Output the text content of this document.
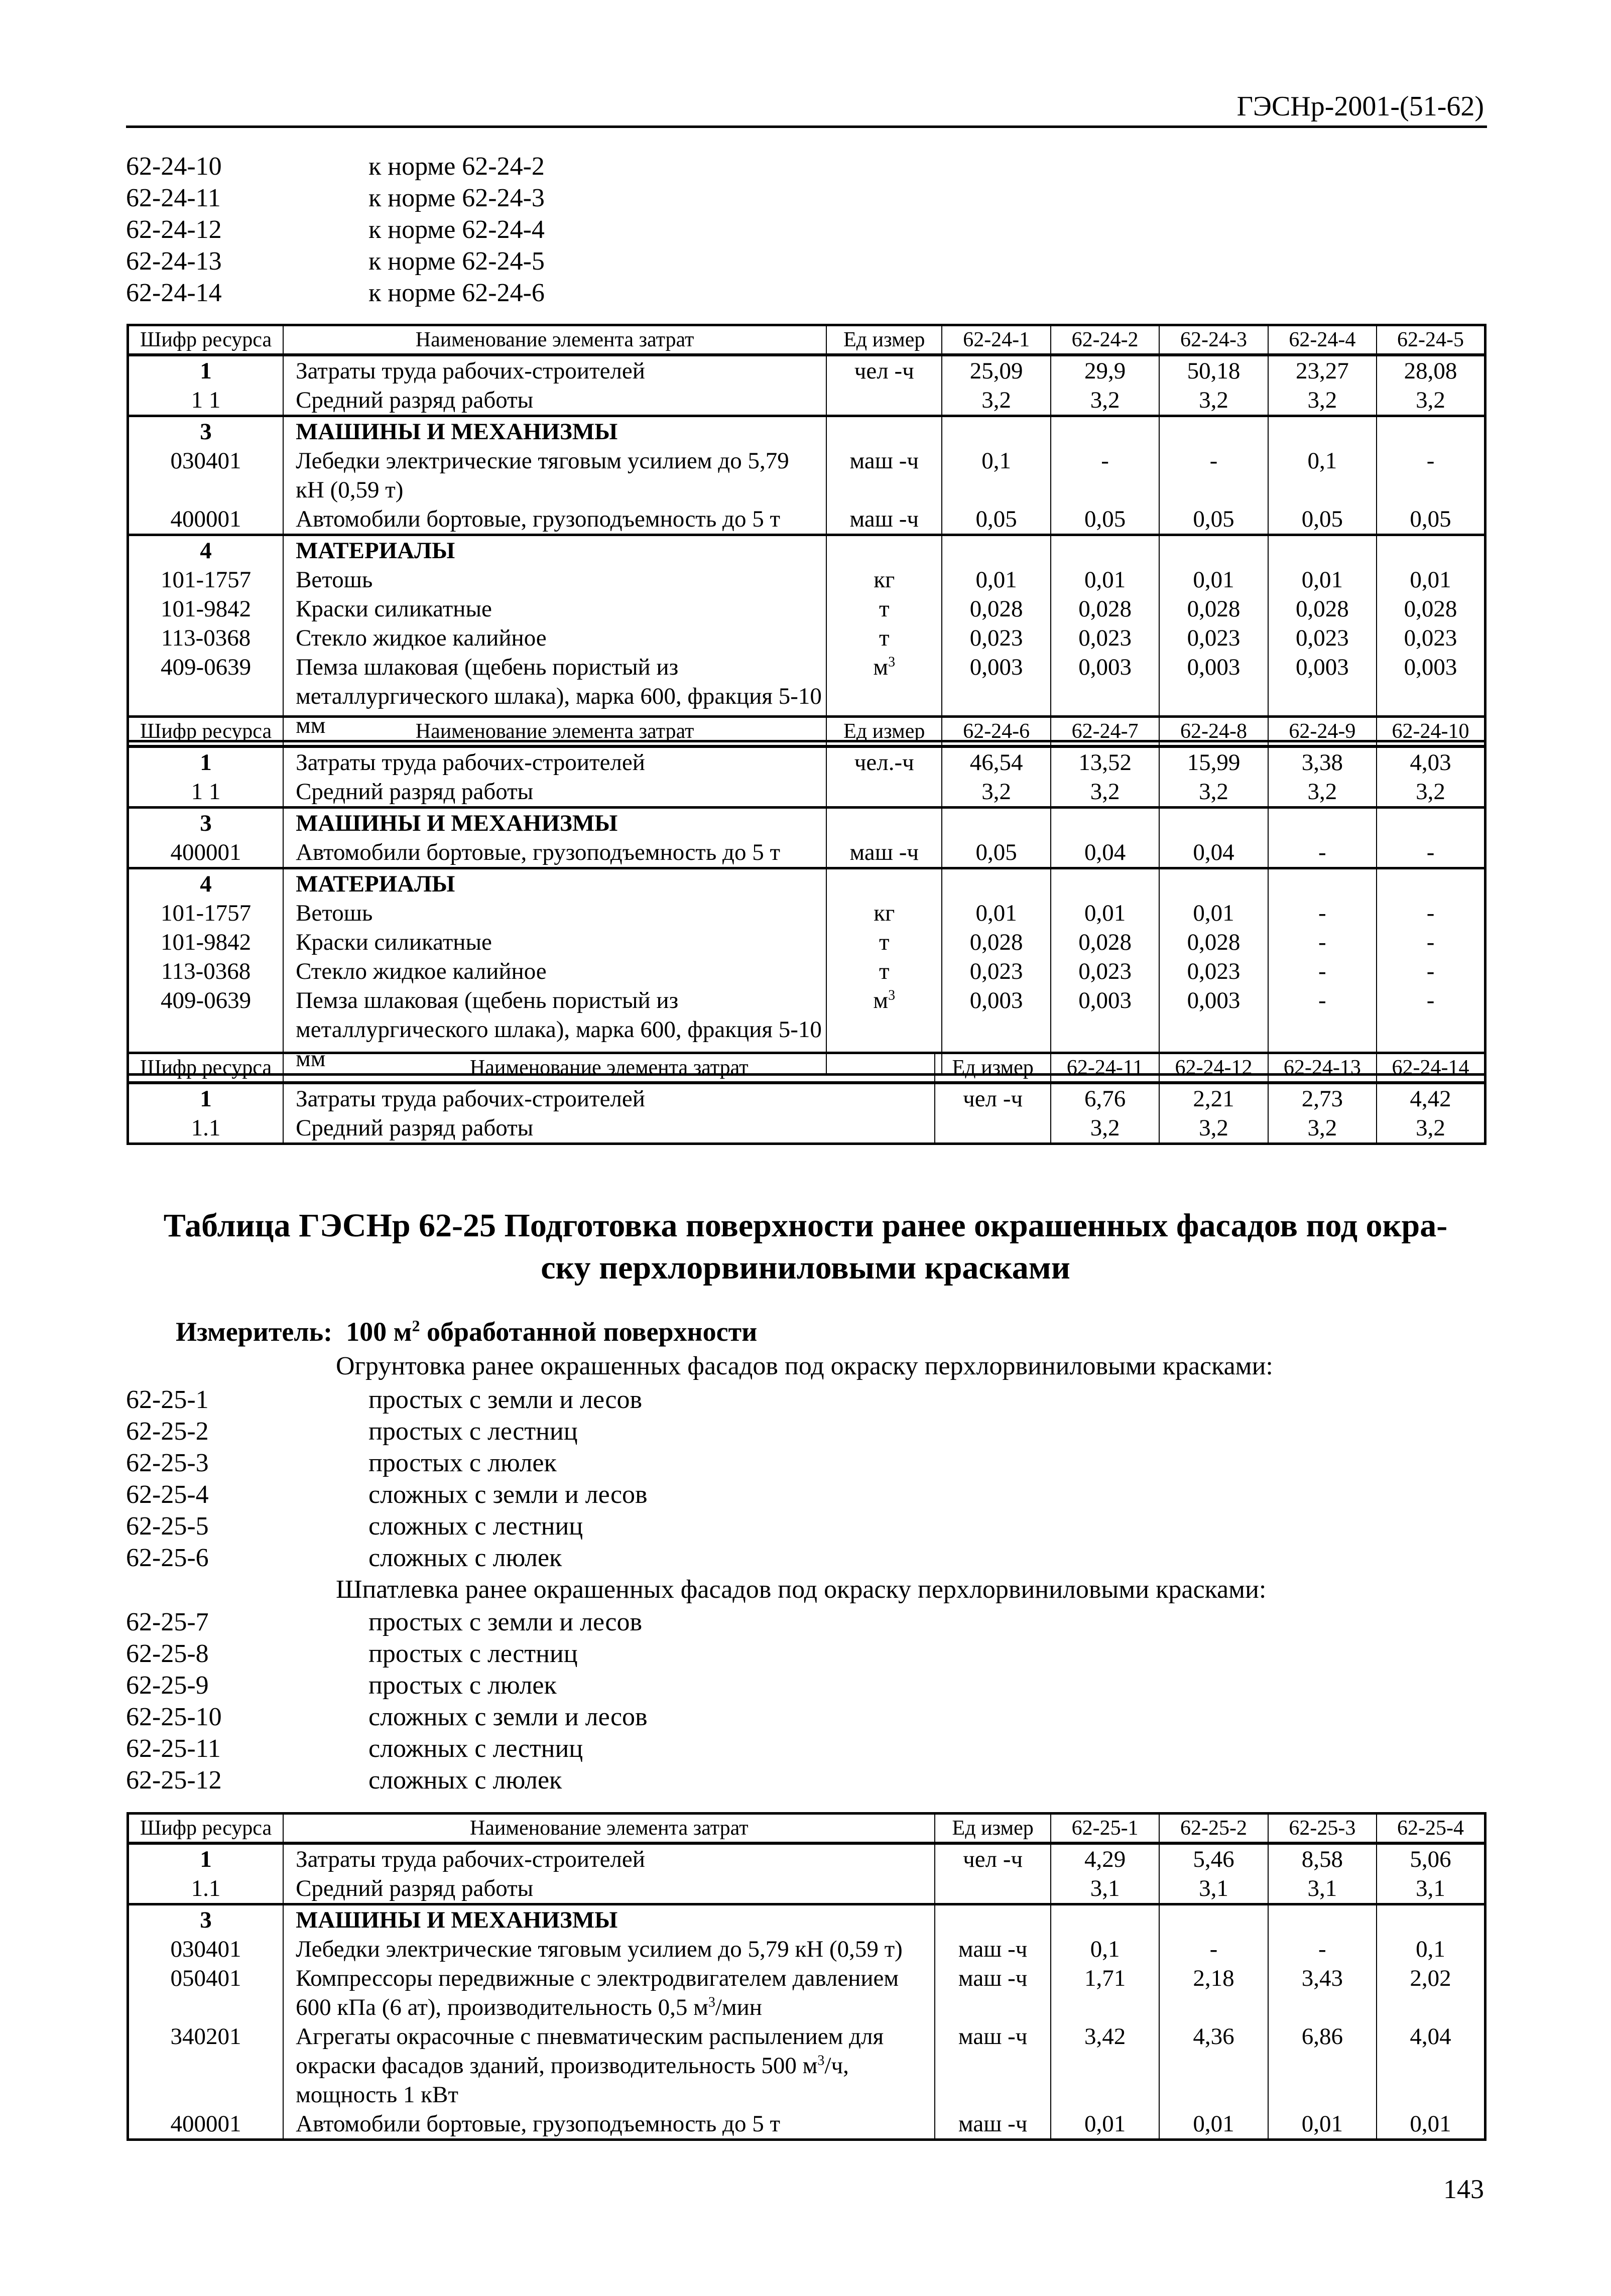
ГЭСНр-2001-(51-62)
62-24-10	к норме 62-24-2
62-24-11	к норме 62-24-3
62-24-12	к норме 62-24-4
62-24-13	к норме 62-24-5
62-24-14	к норме 62-24-6
Шифр ресурса	Наименование элемента затрат	Ед измер	62-24-1	62-24-2	62-24-3	62-24-4	62-24-5
1	Затраты труда рабочих-строителей	чел -ч	25,09	29,9	50,18	23,27	28,08
1 1	Средний разряд работы		3,2	3,2	3,2	3,2	3,2
3	МАШИНЫ И МЕХАНИЗМЫ						
030401	Лебедки электрические тяговым усилием до 5,79 кН (0,59 т)	маш -ч	0,1	-	-	0,1	-
400001	Автомобили бортовые, грузоподъемность до 5 т	маш -ч	0,05	0,05	0,05	0,05	0,05
4	МАТЕРИАЛЫ						
101-1757	Ветошь	кг	0,01	0,01	0,01	0,01	0,01
101-9842	Краски силикатные	т	0,028	0,028	0,028	0,028	0,028
113-0368	Стекло жидкое калийное	т	0,023	0,023	0,023	0,023	0,023
409-0639	Пемза шлаковая (щебень пористый из металлургического шлака), марка 600, фракция 5-10 мм	$м^3$	0,003	0,003	0,003	0,003	0,003
Шифр ресурса	Наименование элемента затрат	Ед измер	62-24-6	62-24-7	62-24-8	62-24-9	62-24-10
1	Затраты труда рабочих-строителей	чел.-ч	46,54	13,52	15,99	3,38	4,03
1 1	Средний разряд работы		3,2	3,2	3,2	3,2	3,2
3	МАШИНЫ И МЕХАНИЗМЫ						
400001	Автомобили бортовые, грузоподъемность до 5 т	маш -ч	0,05	0,04	0,04	-	-
4	МАТЕРИАЛЫ						
101-1757	Ветошь	кг	0,01	0,01	0,01	-	-
101-9842	Краски силикатные	т	0,028	0,028	0,028	-	-
113-0368	Стекло жидкое калийное	т	0,023	0,023	0,023	-	-
409-0639	Пемза шлаковая (щебень пористый из металлургического шлака), марка 600, фракция 5-10 мм	$м^3$	0,003	0,003	0,003	-	-
Шифр ресурса	Наименование элемента затрат	Ед измер	62-24-11	62-24-12	62-24-13	62-24-14
1	Затраты труда рабочих-строителей	чел -ч	6,76	2,21	2,73	4,42
1.1	Средний разряд работы		3,2	3,2	3,2	3,2
Таблица ГЭСНр 62-25 Подготовка поверхности ранее окрашенных фасадов под окра-
ску перхлорвиниловыми красками
Измеритель: 100 $м^2$ обработанной поверхности
Огрунтовка ранее окрашенных фасадов под окраску перхлорвиниловыми красками:
62-25-1	простых с земли и лесов
62-25-2	простых с лестниц
62-25-3	простых с люлек
62-25-4	сложных с земли и лесов
62-25-5	сложных с лестниц
62-25-6	сложных с люлек
Шпатлевка ранее окрашенных фасадов под окраску перхлорвиниловыми красками:
62-25-7	простых с земли и лесов
62-25-8	простых с лестниц
62-25-9	простых с люлек
62-25-10	сложных с земли и лесов
62-25-11	сложных с лестниц
62-25-12	сложных с люлек
Шифр ресурса	Наименование элемента затрат	Ед измер	62-25-1	62-25-2	62-25-3	62-25-4
1	Затраты труда рабочих-строителей	чел -ч	4,29	5,46	8,58	5,06
1.1	Средний разряд работы		3,1	3,1	3,1	3,1
3	МАШИНЫ И МЕХАНИЗМЫ					
030401	Лебедки электрические тяговым усилием до 5,79 кН (0,59 т)	маш -ч	0,1	-	-	0,1
050401	Компрессоры передвижные с электродвигателем давлением 600 кПа (6 ат), производительность 0,5 $м^3$/мин	маш -ч	1,71	2,18	3,43	2,02
340201	Агрегаты окрасочные с пневматическим распылением для окраски фасадов зданий, производительность 500 $м^3/ч$, мощность 1 кВт	маш -ч	3,42	4,36	6,86	4,04
400001	Автомобили бортовые, грузоподъемность до 5 т	маш -ч	0,01	0,01	0,01	0,01
143
